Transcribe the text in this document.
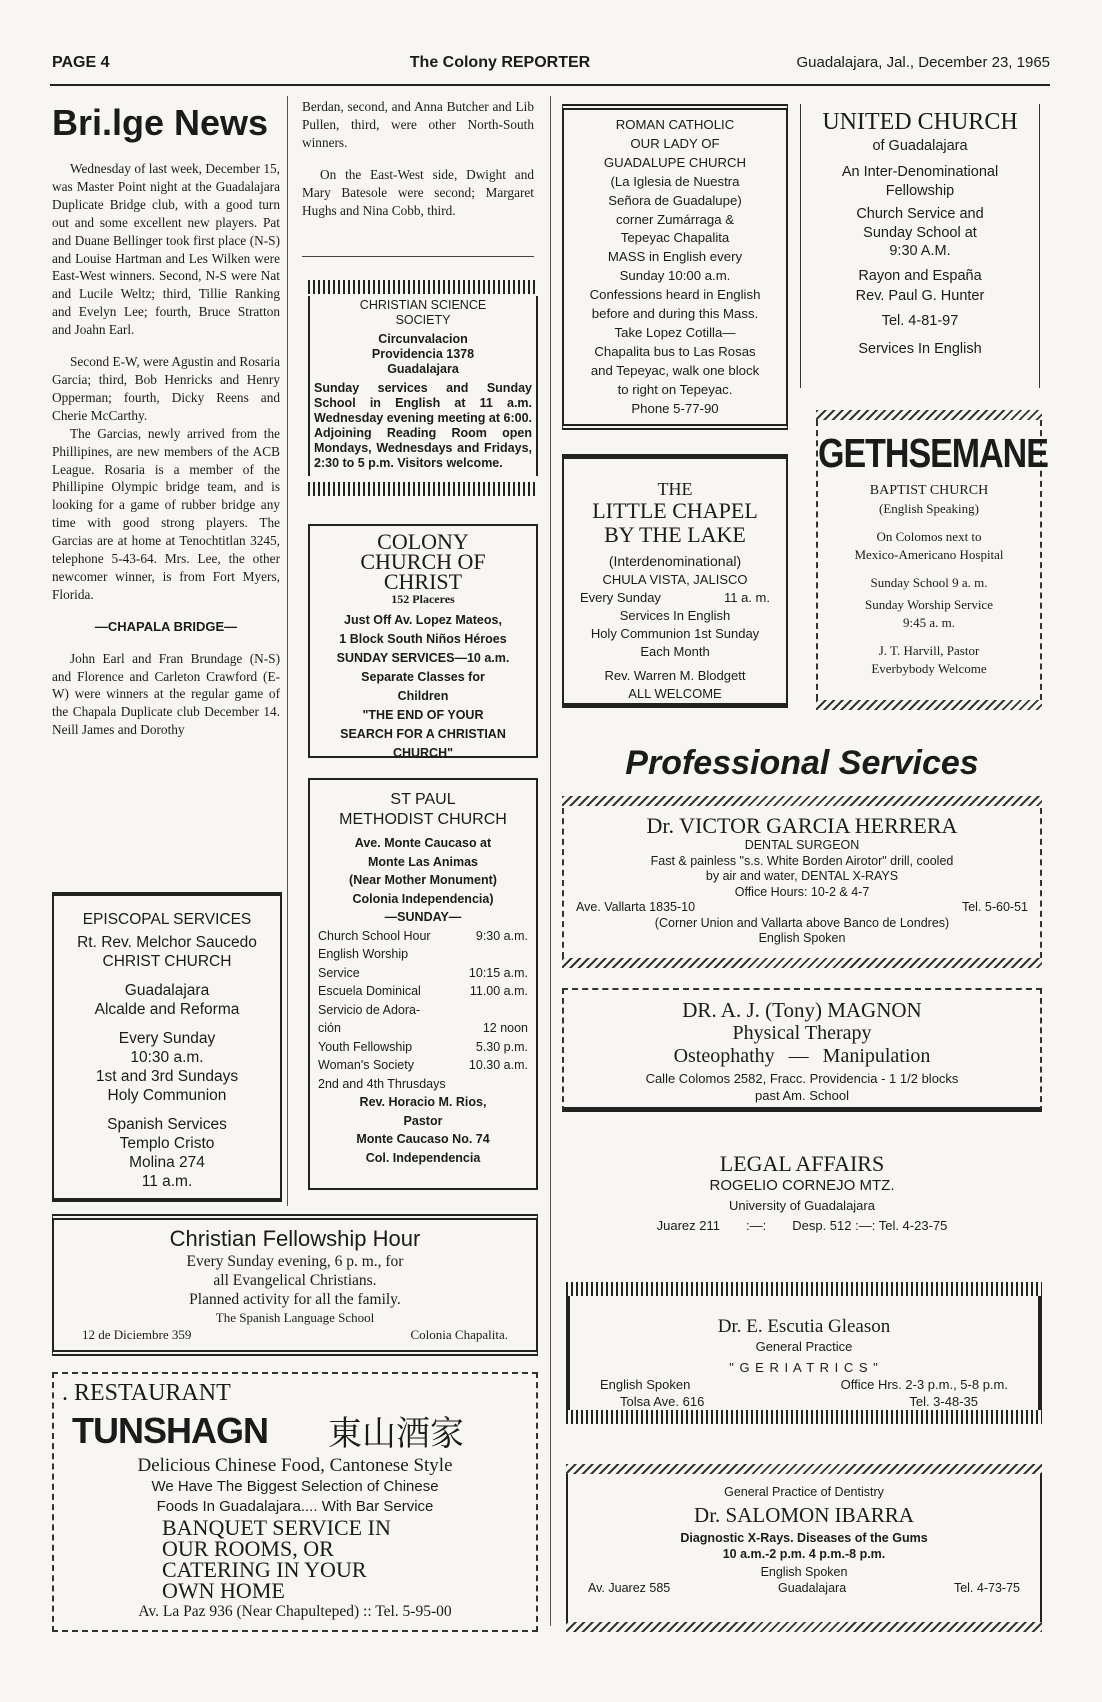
PAGE 4	The Colony REPORTER	Guadalajara, Jal., December 23, 1965
Bri.lge News

Wednesday of last week, December 15, was Master Point night at the Guadalajara Duplicate Bridge club, with a good turn out and some excellent new players. Pat and Duane Bellinger took first place (N-S) and Louise Hartman and Les Wilken were East-West winners. Second, N-S were Nat and Lucile Weltz; third, Tillie Ranking and Evelyn Lee; fourth, Bruce Stratton and Joahn Earl.

Second E-W, were Agustin and Rosaria Garcia; third, Bob Henricks and Henry Opperman; fourth, Dicky Reens and Cherie McCarthy.

The Garcias, newly arrived from the Phillipines, are new members of the ACB League. Rosaria is a member of the Phillipine Olympic bridge team, and is looking for a game of rubber bridge any time with good strong players. The Garcias are at home at Tenochtitlan 3245, telephone 5-43-64. Mrs. Lee, the other newcomer winner, is from Fort Myers, Florida.

—CHAPALA BRIDGE—

John Earl and Fran Brundage (N-S) and Florence and Carleton Crawford (E-W) were winners at the regular game of the Chapala Duplicate club December 14. Neill James and Dorothy

EPISCOPAL SERVICES
Rt. Rev. Melchor Saucedo
CHRIST CHURCH
Guadalajara
Alcalde and Reforma
Every Sunday
10:30 a.m.
1st and 3rd Sundays
Holy Communion
Spanish Services
Templo Cristo
Molina 274
11 a.m.

Berdan, second, and Anna Butcher and Lib Pullen, third, were other North-South winners.

On the East-West side, Dwight and Mary Batesole were second; Margaret Hughs and Nina Cobb, third.

CHRISTIAN SCIENCE
SOCIETY
Circunvalacion
Providencia 1378
Guadalajara
Sunday services and Sunday School in English at 11 a.m. Wednesday evening meeting at 6:00. Adjoining Reading Room open Mondays, Wednesdays and Fridays, 2:30 to 5 p.m. Visitors welcome.
COLONY
CHURCH OF
CHRIST
152 Placeres
Just Off Av. Lopez Mateos,
1 Block South Niños Héroes
SUNDAY SERVICES—10 a.m.
Separate Classes for
Children
"THE END OF YOUR
SEARCH FOR A CHRISTIAN
CHURCH"
ST PAUL
METHODIST CHURCH
Ave. Monte Caucaso at
Monte Las Animas
(Near Mother Monument)
Colonia Independencia)
—SUNDAY—
Church School Hour	9:30 a.m.
English Worship
Service	10:15 a.m.
Escuela Dominical	11.00 a.m.
Servicio de Adora-
ción	12 noon
Youth Fellowship	5.30 p.m.
Woman's Society	10.30 a.m.
2nd and 4th Thrusdays
Rev. Horacio M. Rios,
Pastor
Monte Caucaso No. 74
Col. Independencia
Christian Fellowship Hour
Every Sunday evening, 6 p. m., for
all Evangelical Christians.
Planned activity for all the family.
The Spanish Language School
12 de Diciembre 359	Colonia Chapalita.
. RESTAURANT
TUNSHAGN 東山酒家
Delicious Chinese Food, Cantonese Style
We Have The Biggest Selection of Chinese
Foods In Guadalajara.... With Bar Service
BANQUET SERVICE IN
OUR ROOMS, OR
CATERING IN YOUR
OWN HOME
Av. La Paz 936 (Near Chapulteped) :: Tel. 5-95-00
ROMAN CATHOLIC
OUR LADY OF
GUADALUPE CHURCH
(La Iglesia de Nuestra
Señora de Guadalupe)
corner Zumárraga &
Tepeyac Chapalita
MASS in English every
Sunday 10:00 a.m.
Confessions heard in English
before and during this Mass.
Take Lopez Cotilla—
Chapalita bus to Las Rosas
and Tepeyac, walk one block
to right on Tepeyac.
Phone 5-77-90
THE
LITTLE CHAPEL
BY THE LAKE
(Interdenominational)
CHULA VISTA, JALISCO
Every Sunday	11 a. m.
Services In English
Holy Communion 1st Sunday
Each Month
Rev. Warren M. Blodgett
ALL WELCOME
UNITED CHURCH
of Guadalajara
An Inter-Denominational
Fellowship
Church Service and
Sunday School at
9:30 A.M.
Rayon and España
Rev. Paul G. Hunter
Tel. 4-81-97
Services In English
GETHSEMANE
BAPTIST CHURCH
(English Speaking)
On Colomos next to
Mexico-Americano Hospital
Sunday School 9 a. m.
Sunday Worship Service
9:45 a. m.
J. T. Harvill, Pastor
Everbybody Welcome
Professional Services
Dr. VICTOR GARCIA HERRERA
DENTAL SURGEON
Fast & painless "s.s. White Borden Airotor" drill, cooled
by air and water, DENTAL X-RAYS
Office Hours: 10-2 & 4-7
Ave. Vallarta 1835-10	Tel. 5-60-51
(Corner Union and Vallarta above Banco de Londres)
English Spoken
DR. A. J. (Tony) MAGNON
Physical Therapy
Osteophathy — Manipulation
Calle Colomos 2582, Fracc. Providencia - 1 1/2 blocks
past Am. School
LEGAL AFFAIRS
ROGELIO CORNEJO MTZ.
University of Guadalajara
Juarez 211 :—: Desp. 512 :—: Tel. 4-23-75
Dr. E. Escutia Gleason
General Practice
" G E R I A T R I C S "
English Spoken	Office Hrs. 2-3 p.m., 5-8 p.m.
Tolsa Ave. 616	Tel. 3-48-35
General Practice of Dentistry
Dr. SALOMON IBARRA
Diagnostic X-Rays. Diseases of the Gums
10 a.m.-2 p.m. 4 p.m.-8 p.m.
English Spoken
Av. Juarez 585	Guadalajara	Tel. 4-73-75
